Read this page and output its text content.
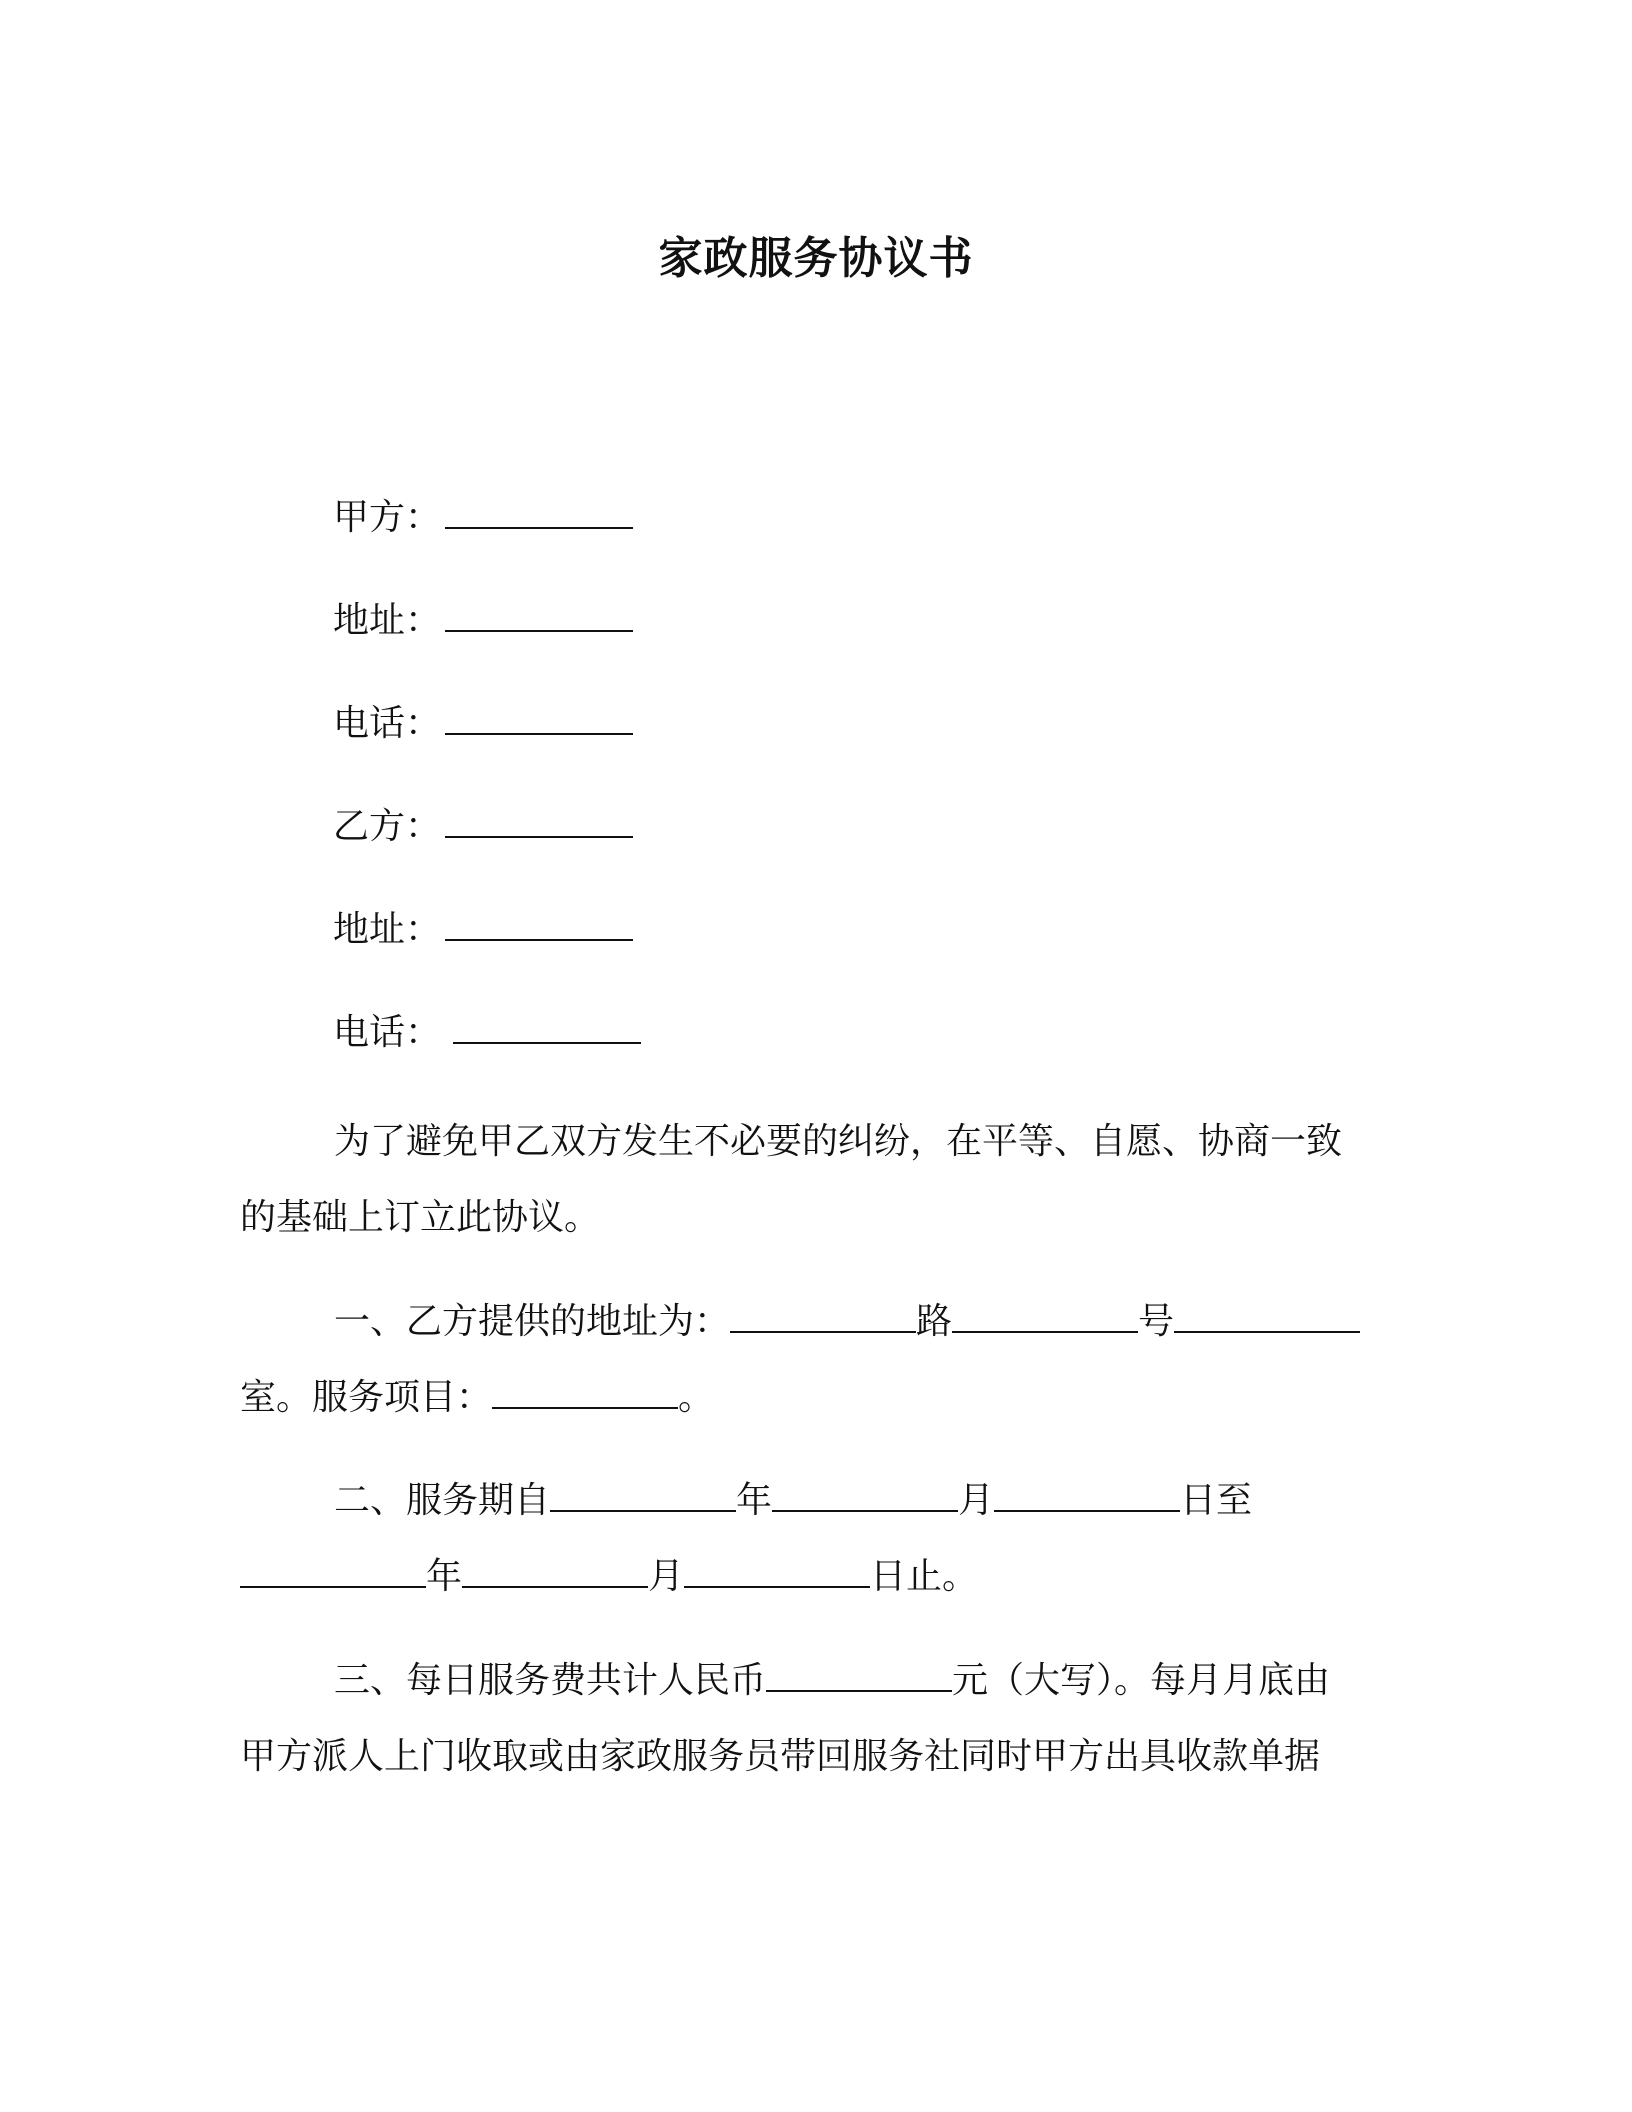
家政服务协议书
甲方：
地址：
电话：
乙方：
地址：
电话：
为了避免甲乙双方发生不必要的纠纷，在平等、自愿、协商一致
的基础上订立此协议。
一、乙方提供的地址为：	路	号
室。服务项目：	。
二、服务期自	年	月	日至
年	月	日止。
三、每日服务费共计人民币	元（大写）。每月月底由
甲方派人上门收取或由家政服务员带回服务社同时甲方出具收款单据
